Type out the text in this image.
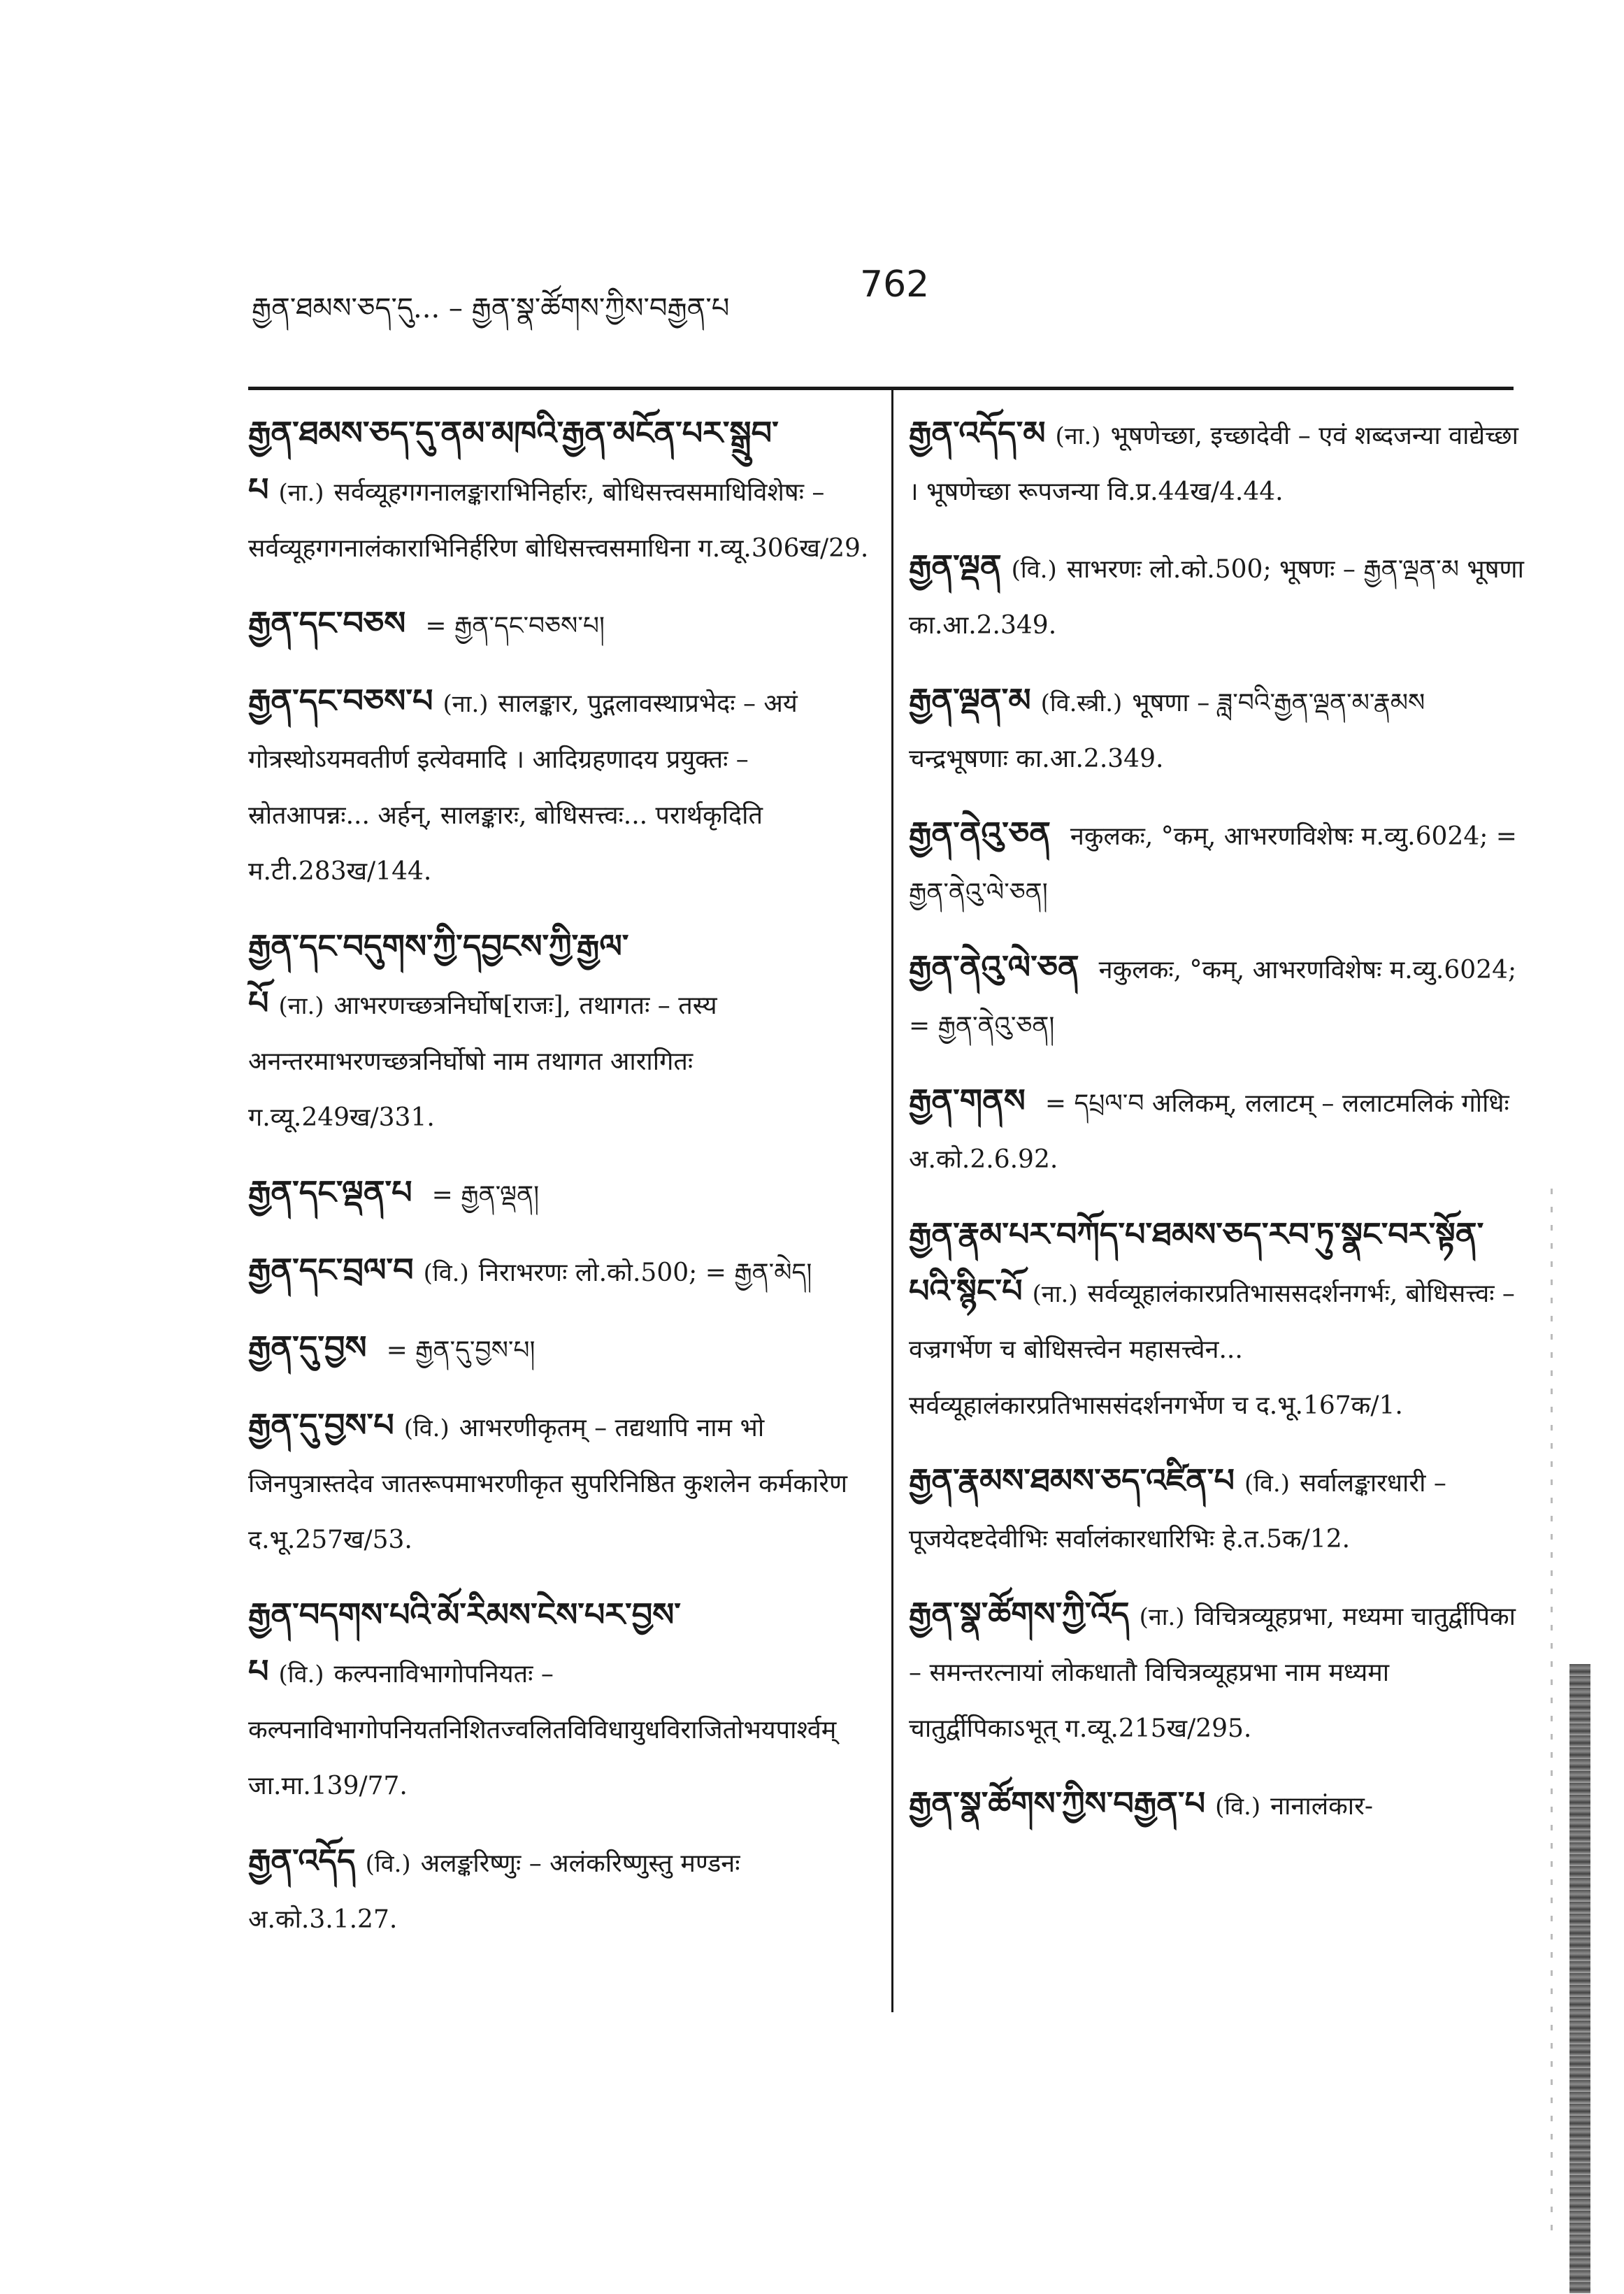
རྒྱན་ཐམས་ཅད་དུ... – རྒྱན་སྣ་ཚོགས་ཀྱིས་བརྒྱན་པ
762
རྒྱན་ཐམས་ཅད་དུ་ནམ་མཁའི་རྒྱན་མངོན་པར་སྒྲུབ་པ (ना.) सर्वव्यूहगगनालङ्काराभिनिर्हारः, बोधिसत्त्वसमाधिविशेषः – सर्वव्यूहगगनालंकाराभिनिर्हरिण बोधिसत्त्वसमाधिना ग.व्यू.306ख/29.
རྒྱན་དང་བཅས = རྒྱན་དང་བཅས་པ།
རྒྱན་དང་བཅས་པ (ना.) सालङ्कार, पुद्गलावस्थाप्रभेदः – अयं गोत्रस्थोऽयमवतीर्ण इत्येवमादि । आदिग्रहणादय प्रयुक्तः – स्रोतआपन्नः... अर्हन्, सालङ्कारः, बोधिसत्त्वः... परार्थकृदिति म.टी.283ख/144.
རྒྱན་དང་བདུགས་ཀྱི་དབྱངས་ཀྱི་རྒྱལ་པོ (ना.) आभरणच्छत्रनिर्घोष[राजः], तथागतः – तस्य अनन्तरमाभरणच्छत्रनिर्घोषो नाम तथागत आरागितः ग.व्यू.249ख/331.
རྒྱན་དང་ལྡན་པ = རྒྱན་ལྡན།
རྒྱན་དང་བྲལ་བ (वि.) निराभरणः लो.को.500; = རྒྱན་མེད།
རྒྱན་དུ་བྱས = རྒྱན་དུ་བྱས་པ།
རྒྱན་དུ་བྱས་པ (वि.) आभरणीकृतम् – तद्यथापि नाम भो जिनपुत्रास्तदेव जातरूपमाभरणीकृत सुपरिनिष्ठित कुशलेन कर्मकारेण द.भू.257ख/53.
རྒྱན་བདགས་པའི་མོ་རིམས་ངེས་པར་བྱས་པ (वि.) कल्पनाविभागोपनियतः – कल्पनाविभागोपनियतनिशितज्वलितविविधायुधविराजितोभयपार्श्वम् जा.मा.139/77.
རྒྱན་འདོད (वि.) अलङ्करिष्णुः – अलंकरिष्णुस्तु मण्डनः अ.को.3.1.27.
རྒྱན་འདོད་མ (ना.) भूषणेच्छा, इच्छादेवी – एवं शब्दजन्या वाद्येच्छा । भूषणेच्छा रूपजन्या वि.प्र.44ख/4.44.
རྒྱན་ལྡན (वि.) साभरणः लो.को.500; भूषणः – རྒྱན་ལྡན་མ भूषणा का.आ.2.349.
རྒྱན་ལྡན་མ (वि.स्त्री.) भूषणा – ཟླ་བའི་རྒྱན་ལྡན་མ་རྣམས चन्द्रभूषणाः का.आ.2.349.
རྒྱན་ནེའུ་ཅན नकुलकः, °कम्, आभरणविशेषः म.व्यु.6024; = རྒྱན་ནེའུ་ལེ་ཅན།
རྒྱན་ནེའུ་ལེ་ཅན नकुलकः, °कम्, आभरणविशेषः म.व्यु.6024; = རྒྱན་ནེའུ་ཅན།
རྒྱན་གནས = དཔྲལ་བ अलिकम्, ललाटम् – ललाटमलिकं गोधिः अ.को.2.6.92.
རྒྱན་རྣམ་པར་བཀོད་པ་ཐམས་ཅད་རབ་ཏུ་སྣང་བར་སྟོན་པའི་སྙིང་པོ (ना.) सर्वव्यूहालंकारप्रतिभाससदर्शनगर्भः, बोधिसत्त्वः – वज्रगर्भेण च बोधिसत्त्वेन महासत्त्वेन... सर्वव्यूहालंकारप्रतिभाससंदर्शनगर्भेण च द.भू.167क/1.
རྒྱན་རྣམས་ཐམས་ཅད་འཛིན་པ (वि.) सर्वालङ्कारधारी – पूजयेदष्टदेवीभिः सर्वालंकारधारिभिः हे.त.5क/12.
རྒྱན་སྣ་ཚོགས་ཀྱི་འོད (ना.) विचित्रव्यूहप्रभा, मध्यमा चातुर्द्वीपिका – समन्तरत्नायां लोकधातौ विचित्रव्यूहप्रभा नाम मध्यमा चातुर्द्वीपिकाऽभूत् ग.व्यू.215ख/295.
རྒྱན་སྣ་ཚོགས་ཀྱིས་བརྒྱན་པ (वि.) नानालंकार-
